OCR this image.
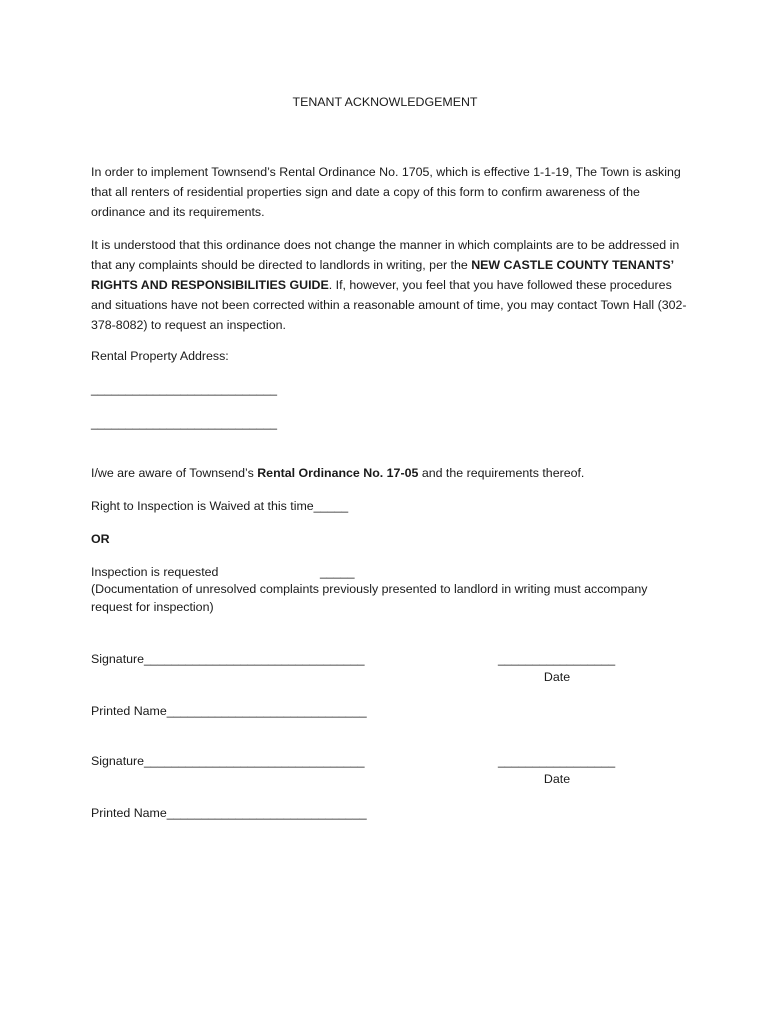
TENANT ACKNOWLEDGEMENT
In order to implement Townsend’s Rental Ordinance No. 1705, which is effective 1-1-19, The Town is asking that all renters of residential properties sign and date a copy of this form to confirm awareness of the ordinance and its requirements.
It is understood that this ordinance does not change the manner in which complaints are to be addressed in that any complaints should be directed to landlords in writing, per the NEW CASTLE COUNTY TENANTS’ RIGHTS AND RESPONSIBILITIES GUIDE. If, however, you feel that you have followed these procedures and situations have not been corrected within a reasonable amount of time, you may contact Town Hall (302-378-8082) to request an inspection.
Rental Property Address:
___________________________
___________________________
I/we are aware of Townsend’s Rental Ordinance No. 17-05 and the requirements thereof.
Right to Inspection is Waived at this time_____
OR
Inspection is requested	_____
(Documentation of unresolved complaints previously presented to landlord in writing must accompany
request for inspection)
Signature________________________________	_________________
Date
Printed Name_____________________________
Signature________________________________	_________________
Date
Printed Name_____________________________
